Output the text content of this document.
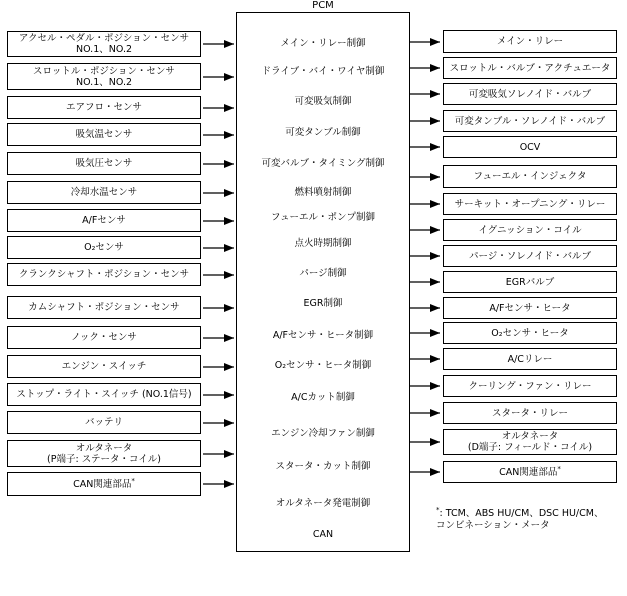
PCM
メイン・リレー制御
ドライブ・バイ・ワイヤ制御
可変吸気制御
可変タンブル制御
可変バルブ・タイミング制御
燃料噴射制御
フューエル・ポンプ制御
点火時期制御
パージ制御
EGR制御
A/Fセンサ・ヒータ制御
O₂センサ・ヒータ制御
A/Cカット制御
エンジン冷却ファン制御
スタータ・カット制御
オルタネータ発電制御
CAN
アクセル・ペダル・ポジション・センサ
NO.1、NO.2
スロットル・ポジション・センサ
NO.1、NO.2
エアフロ・センサ
吸気温センサ
吸気圧センサ
冷却水温センサ
A/Fセンサ
O₂センサ
クランクシャフト・ポジション・センサ
カムシャフト・ポジション・センサ
ノック・センサ
エンジン・スイッチ
ストップ・ライト・スイッチ (NO.1信号)
バッテリ
オルタネータ
(P端子: ステータ・コイル)
CAN関連部品*
メイン・リレー
スロットル・バルブ・アクチュエータ
可変吸気ソレノイド・バルブ
可変タンブル・ソレノイド・バルブ
OCV
フューエル・インジェクタ
サーキット・オープニング・リレー
イグニッション・コイル
パージ・ソレノイド・バルブ
EGRバルブ
A/Fセンサ・ヒータ
O₂センサ・ヒータ
A/Cリレー
クーリング・ファン・リレー
スタータ・リレー
オルタネータ
(D端子: フィールド・コイル)
CAN関連部品*
*: TCM、ABS HU/CM、DSC HU/CM、
コンビネーション・メータ
